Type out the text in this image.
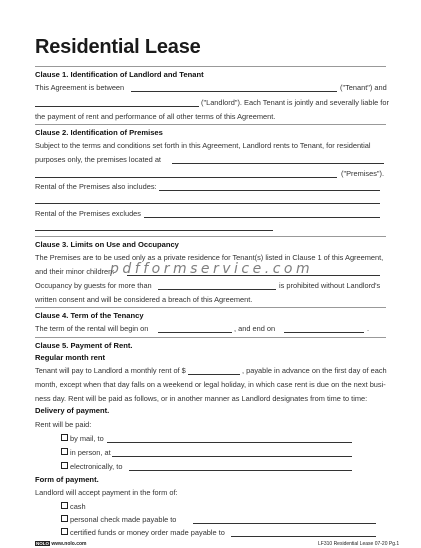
Residential Lease
Clause 1. Identification of Landlord and Tenant
This Agreement is between	("Tenant") and
("Landlord"). Each Tenant is jointly and severally liable for
the payment of rent and performance of all other terms of this Agreement.
Clause 2. Identification of Premises
Subject to the terms and conditions set forth in this Agreement, Landlord rents to Tenant, for residential
purposes only, the premises located at
("Premises").
Rental of the Premises also includes:
Rental of the Premises excludes
Clause 3. Limits on Use and Occupancy
The Premises are to be used only as a private residence for Tenant(s) listed in Clause 1 of this Agreement,
and their minor children:
Occupancy by guests for more than	is prohibited without Landlord's
written consent and will be considered a breach of this Agreement.
pdfformservice.com
Clause 4. Term of the Tenancy
The term of the rental will begin on	, and end on	.
Clause 5. Payment of Rent.
Regular month rent
Tenant will pay to Landlord a monthly rent of $	, payable in advance on the first day of each
month, except when that day falls on a weekend or legal holiday, in which case rent is due on the next busi-
ness day. Rent will be paid as follows, or in another manner as Landlord designates from time to time:
Delivery of payment.
Rent will be paid:
by mail, to
in person, at
electronically, to
Form of payment.
Landlord will accept payment in the form of:
cash
personal check made payable to
certified funds or money order made payable to
NOLO www.nolo.com	LF310 Residential Lease 07-20 Pg.1
